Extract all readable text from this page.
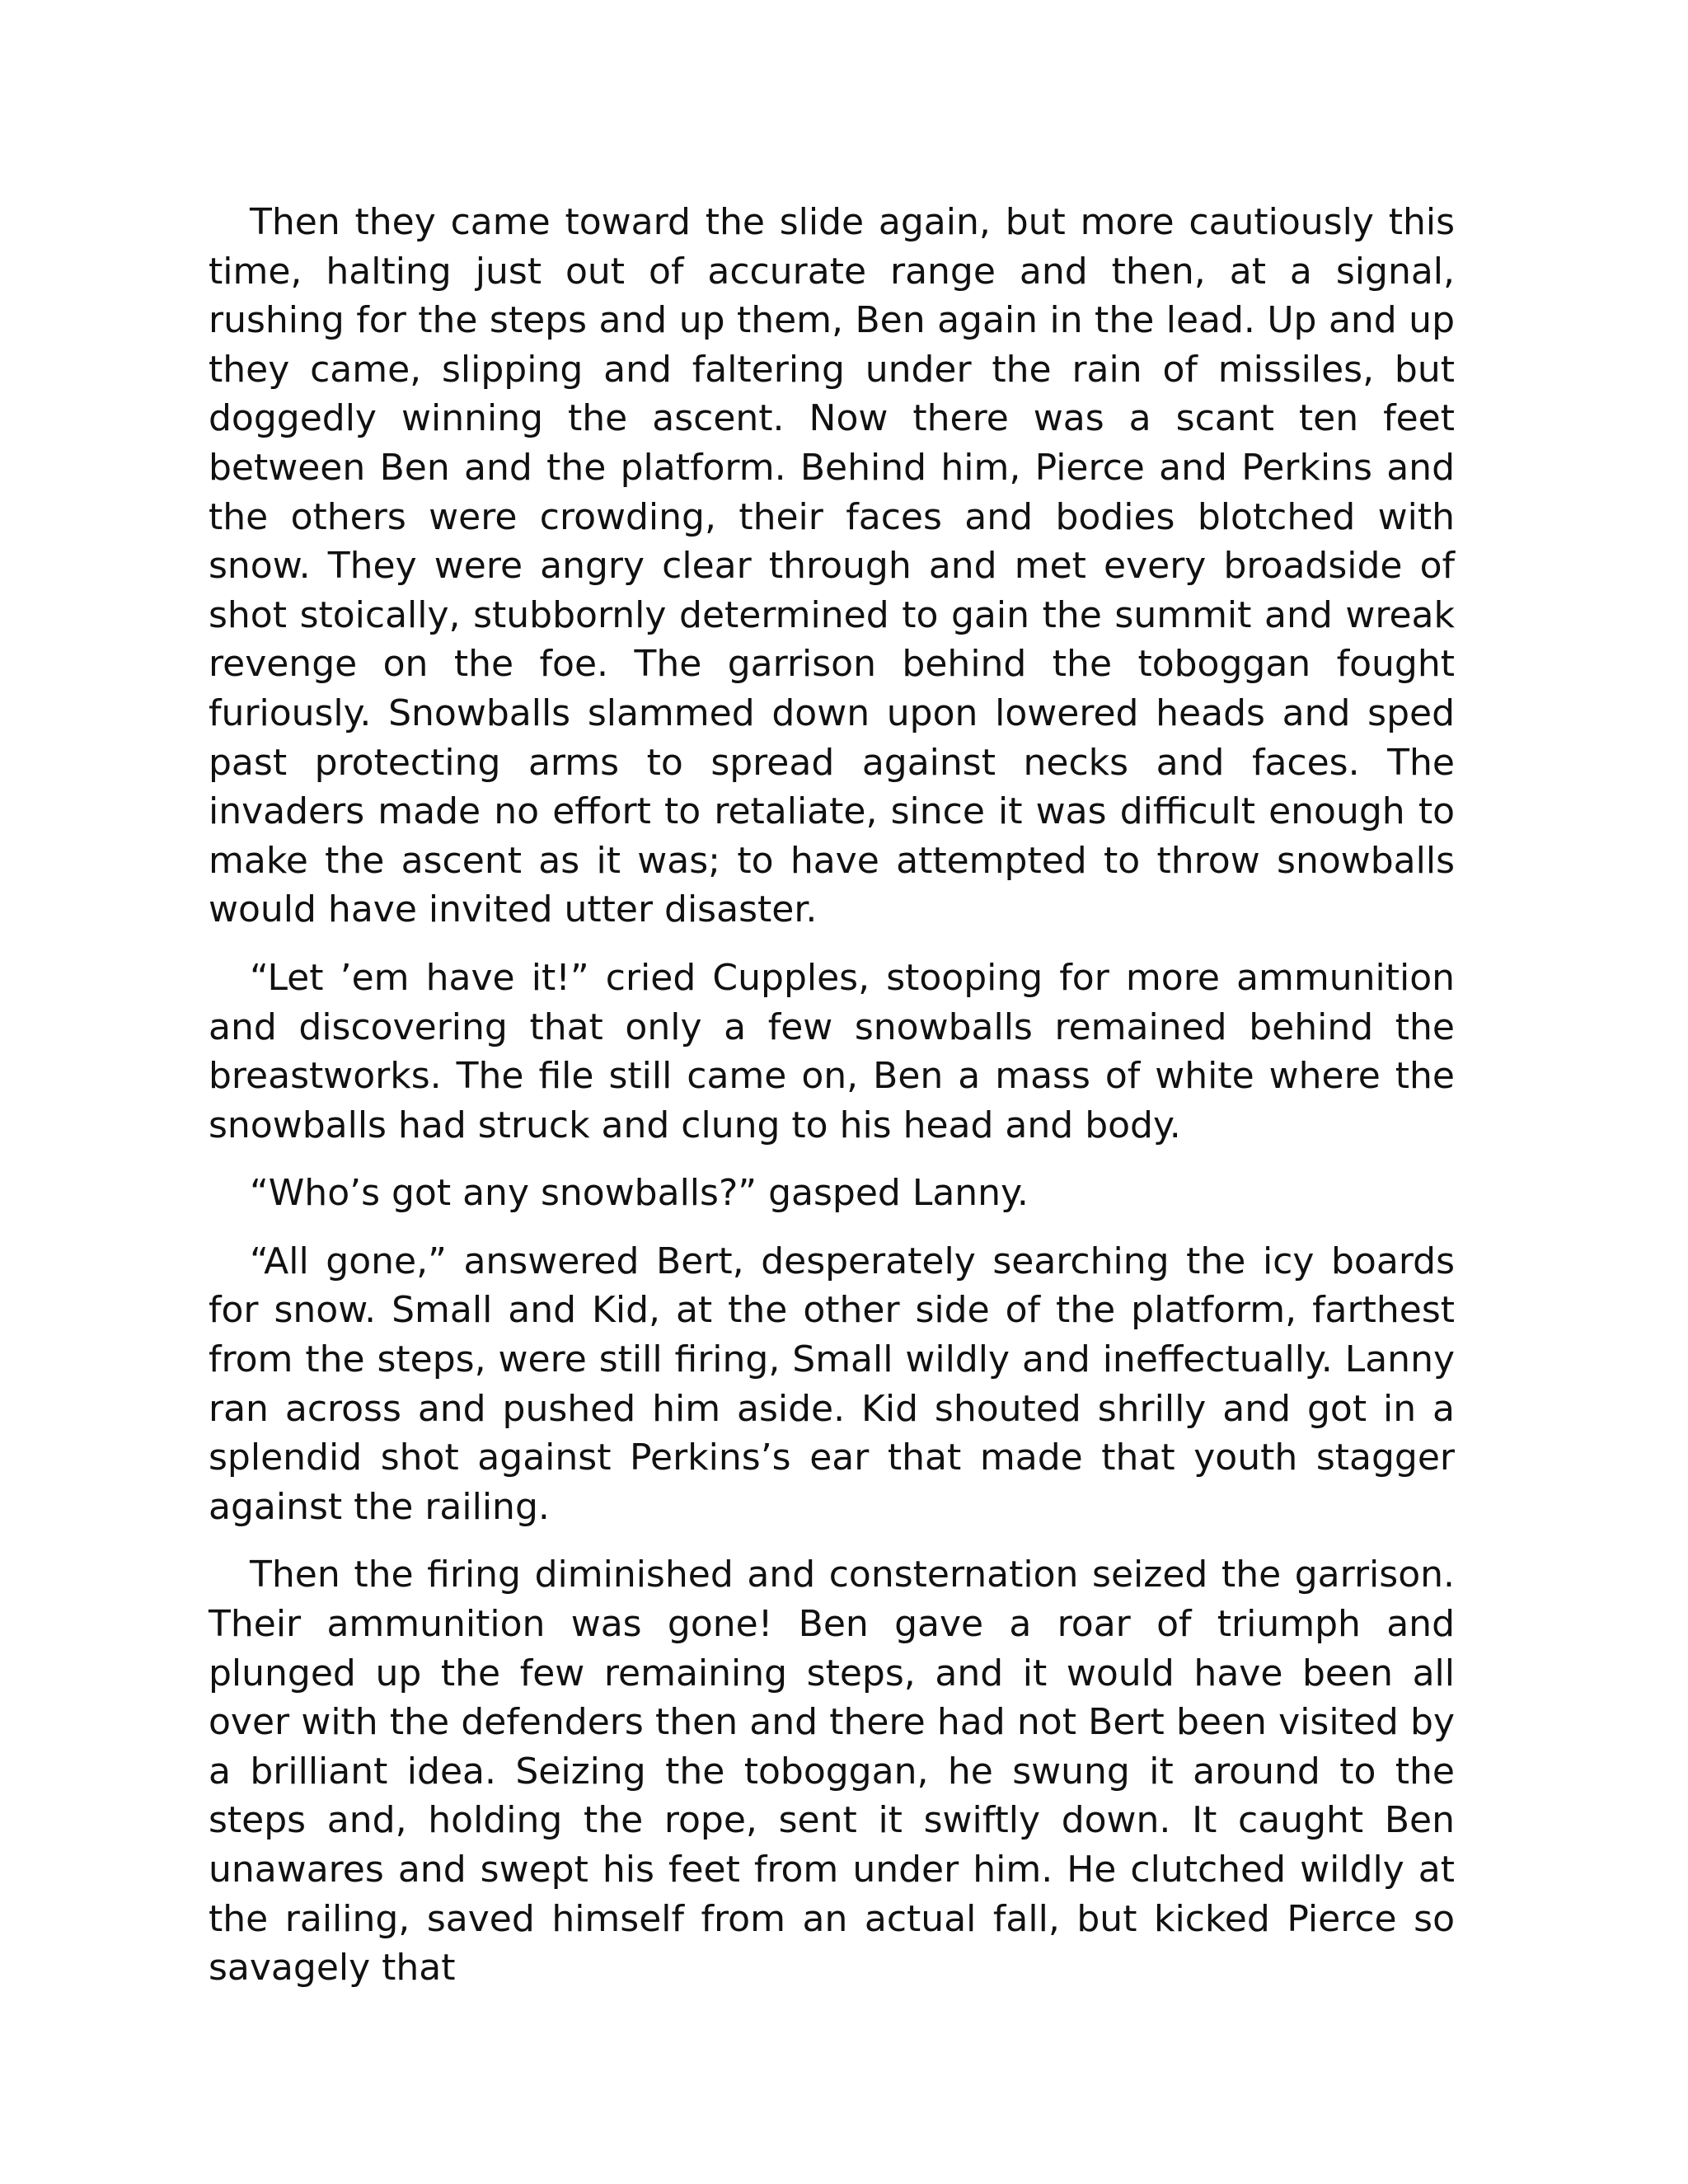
Then they came toward the slide again, but more cautiously this time, halting just out of accurate range and then, at a signal, rushing for the steps and up them, Ben again in the lead. Up and up they came, slipping and faltering under the rain of missiles, but doggedly winning the ascent. Now there was a scant ten feet between Ben and the platform. Behind him, Pierce and Perkins and the others were crowding, their faces and bodies blotched with snow. They were angry clear through and met every broadside of shot stoically, stubbornly determined to gain the summit and wreak revenge on the foe. The garrison behind the toboggan fought furiously. Snowballs slammed down upon lowered heads and sped past protecting arms to spread against necks and faces. The invaders made no effort to retaliate, since it was difficult enough to make the ascent as it was; to have attempted to throw snowballs would have invited utter disaster.

“Let ’em have it!” cried Cupples, stooping for more ammunition and discovering that only a few snowballs remained behind the breastworks. The file still came on, Ben a mass of white where the snowballs had struck and clung to his head and body.

“Who’s got any snowballs?” gasped Lanny.

“All gone,” answered Bert, desperately searching the icy boards for snow. Small and Kid, at the other side of the platform, farthest from the steps, were still firing, Small wildly and ineffectually. Lanny ran across and pushed him aside. Kid shouted shrilly and got in a splendid shot against Perkins’s ear that made that youth stagger against the railing.

Then the firing diminished and consternation seized the garrison. Their ammunition was gone! Ben gave a roar of triumph and plunged up the few remaining steps, and it would have been all over with the defenders then and there had not Bert been visited by a brilliant idea. Seizing the toboggan, he swung it around to the steps and, holding the rope, sent it swiftly down. It caught Ben unawares and swept his feet from under him. He clutched wildly at the railing, saved himself from an actual fall, but kicked Pierce so savagely that
